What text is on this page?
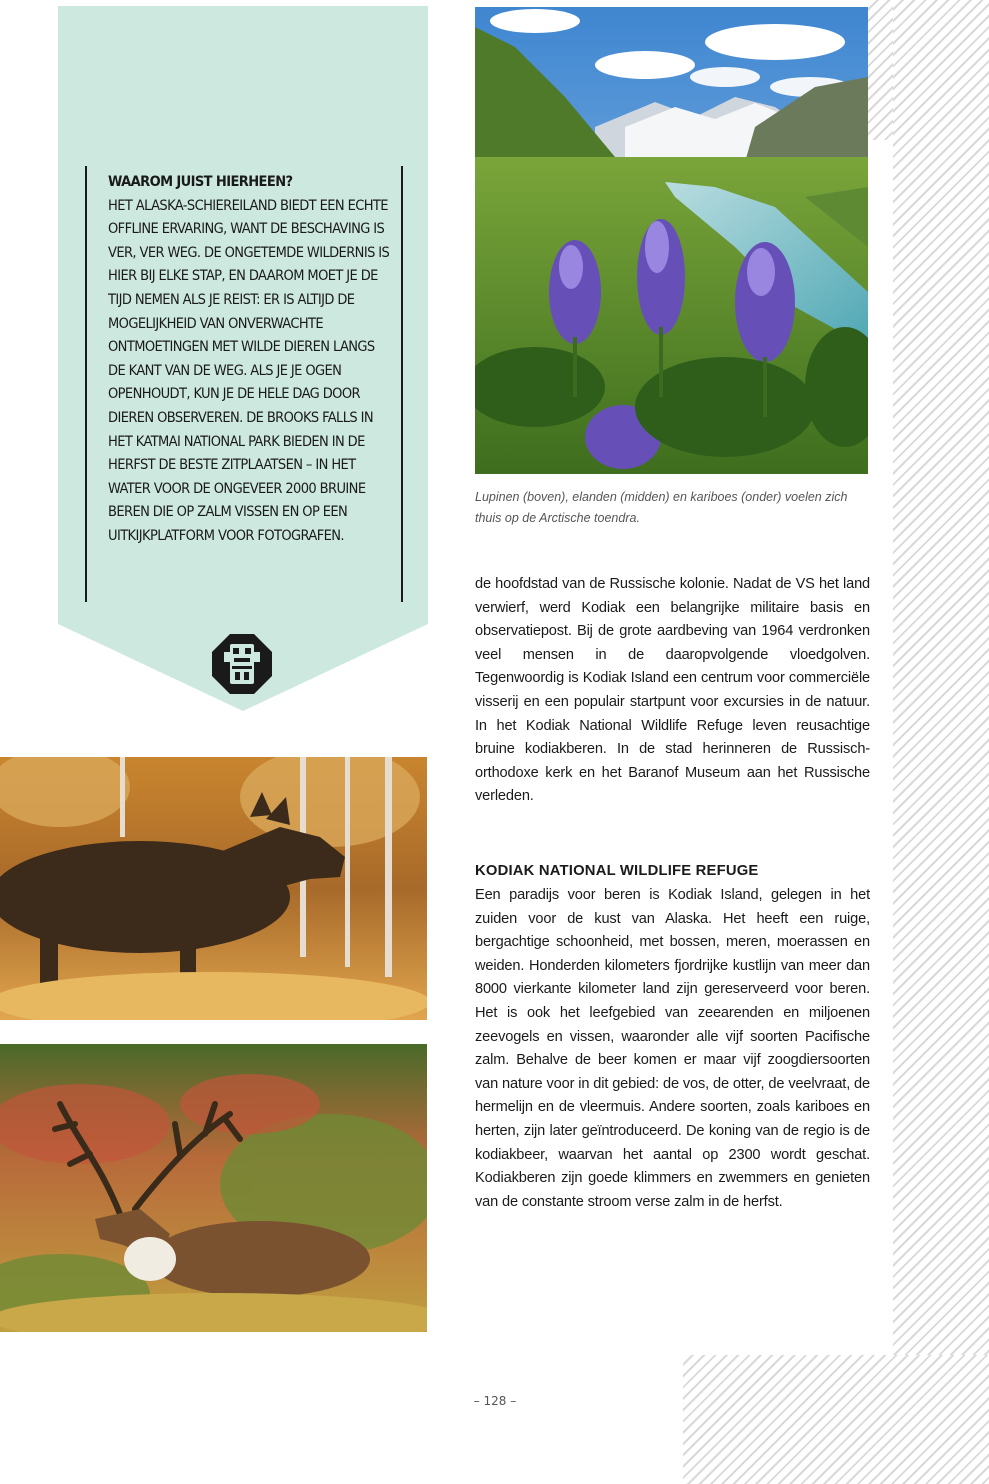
WAAROM JUIST HIERHEEN?
HET ALASKA-SCHIEREILAND BIEDT EEN ECHTE OFFLINE ERVARING, WANT DE BESCHAVING IS VER, VER WEG. DE ONGETEMDE WILDERNIS IS HIER BIJ ELKE STAP, EN DAAROM MOET JE DE TIJD NEMEN ALS JE REIST: ER IS ALTIJD DE MOGELIJKHEID VAN ONVERWACHTE ONTMOETINGEN MET WILDE DIEREN LANGS DE KANT VAN DE WEG. ALS JE JE OGEN OPENHOUDT, KUN JE DE HELE DAG DOOR DIEREN OBSERVEREN. DE BROOKS FALLS IN HET KATMAI NATIONAL PARK BIEDEN IN DE HERFST DE BESTE ZITPLAATSEN – IN HET WATER VOOR DE ONGEVEER 2000 BRUINE BEREN DIE OP ZALM VISSEN EN OP EEN UITKIJKPLATFORM VOOR FOTOGRAFEN.
Lupinen (boven), elanden (midden) en kariboes (onder) voelen zich thuis op de Arctische toendra.
de hoofdstad van de Russische kolonie. Nadat de VS het land verwierf, werd Kodiak een belangrijke militaire basis en observatiepost. Bij de grote aardbeving van 1964 verdronken veel mensen in de daaropvolgende vloedgolven. Tegenwoordig is Kodiak Island een centrum voor commerciële visserij en een populair startpunt voor excursies in de natuur. In het Kodiak National Wildlife Refuge leven reusachtige bruine kodiakberen. In de stad herinneren de Russisch-orthodoxe kerk en het Baranof Museum aan het Russische verleden.
KODIAK NATIONAL WILDLIFE REFUGE
Een paradijs voor beren is Kodiak Island, gelegen in het zuiden voor de kust van Alaska. Het heeft een ruige, bergachtige schoonheid, met bossen, meren, moerassen en weiden. Honderden kilometers fjordrijke kustlijn van meer dan 8000 vierkante kilometer land zijn gereserveerd voor beren. Het is ook het leefgebied van zeearenden en miljoenen zeevogels en vissen, waaronder alle vijf soorten Pacifische zalm. Behalve de beer komen er maar vijf zoogdiersoorten van nature voor in dit gebied: de vos, de otter, de veelvraat, de hermelijn en de vleermuis. Andere soorten, zoals kariboes en herten, zijn later geïntroduceerd. De koning van de regio is de kodiakbeer, waarvan het aantal op 2300 wordt geschat. Kodiakberen zijn goede klimmers en zwemmers en genieten van de constante stroom verse zalm in de herfst.
– 128 –
